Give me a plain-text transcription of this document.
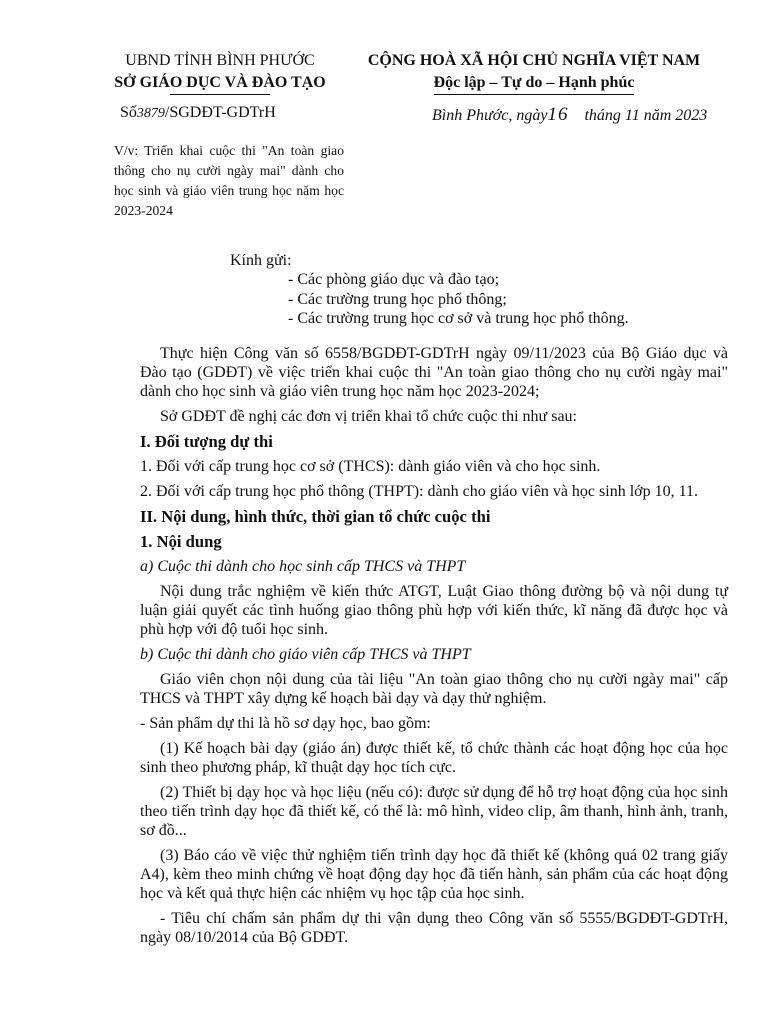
UBND TỈNH BÌNH PHƯỚC
SỞ GIÁO DỤC VÀ ĐÀO TẠO
CỘNG HOÀ XÃ HỘI CHỦ NGHĨA VIỆT NAM
Độc lập – Tự do – Hạnh phúc
Số3879/SGDĐT-GDTrH	Bình Phước, ngày16 tháng 11 năm 2023
V/v: Triển khai cuộc thi "An toàn giao thông cho nụ cười ngày mai" dành cho học sinh và giáo viên trung học năm học 2023-2024
Kính gửi:
- Các phòng giáo dục và đào tạo;
- Các trường trung học phổ thông;
- Các trường trung học cơ sở và trung học phổ thông.

Thực hiện Công văn số 6558/BGDĐT-GDTrH ngày 09/11/2023 của Bộ Giáo dục và Đào tạo (GDĐT) về việc triển khai cuộc thi "An toàn giao thông cho nụ cười ngày mai" dành cho học sinh và giáo viên trung học năm học 2023-2024;

Sở GDĐT đề nghị các đơn vị triển khai tổ chức cuộc thi như sau:

I. Đối tượng dự thi

1. Đối với cấp trung học cơ sở (THCS): dành giáo viên và cho học sinh.

2. Đối với cấp trung học phổ thông (THPT): dành cho giáo viên và học sinh lớp 10, 11.

II. Nội dung, hình thức, thời gian tổ chức cuộc thi

1. Nội dung

a) Cuộc thi dành cho học sinh cấp THCS và THPT

Nội dung trắc nghiệm về kiến thức ATGT, Luật Giao thông đường bộ và nội dung tự luận giải quyết các tình huống giao thông phù hợp với kiến thức, kĩ năng đã được học và phù hợp với độ tuổi học sinh.

b) Cuộc thi dành cho giáo viên cấp THCS và THPT

Giáo viên chọn nội dung của tài liệu "An toàn giao thông cho nụ cười ngày mai" cấp THCS và THPT xây dựng kế hoạch bài dạy và dạy thử nghiệm.

- Sản phẩm dự thi là hồ sơ dạy học, bao gồm:

(1) Kế hoạch bài dạy (giáo án) được thiết kế, tổ chức thành các hoạt động học của học sinh theo phương pháp, kĩ thuật dạy học tích cực.

(2) Thiết bị dạy học và học liệu (nếu có): được sử dụng để hỗ trợ hoạt động của học sinh theo tiến trình dạy học đã thiết kế, có thể là: mô hình, video clip, âm thanh, hình ảnh, tranh, sơ đồ...

(3) Báo cáo về việc thử nghiệm tiến trình dạy học đã thiết kế (không quá 02 trang giấy A4), kèm theo minh chứng về hoạt động dạy học đã tiến hành, sản phẩm của các hoạt động học và kết quả thực hiện các nhiệm vụ học tập của học sinh.

- Tiêu chí chấm sản phẩm dự thi vận dụng theo Công văn số 5555/BGDĐT-GDTrH, ngày 08/10/2014 của Bộ GDĐT.
